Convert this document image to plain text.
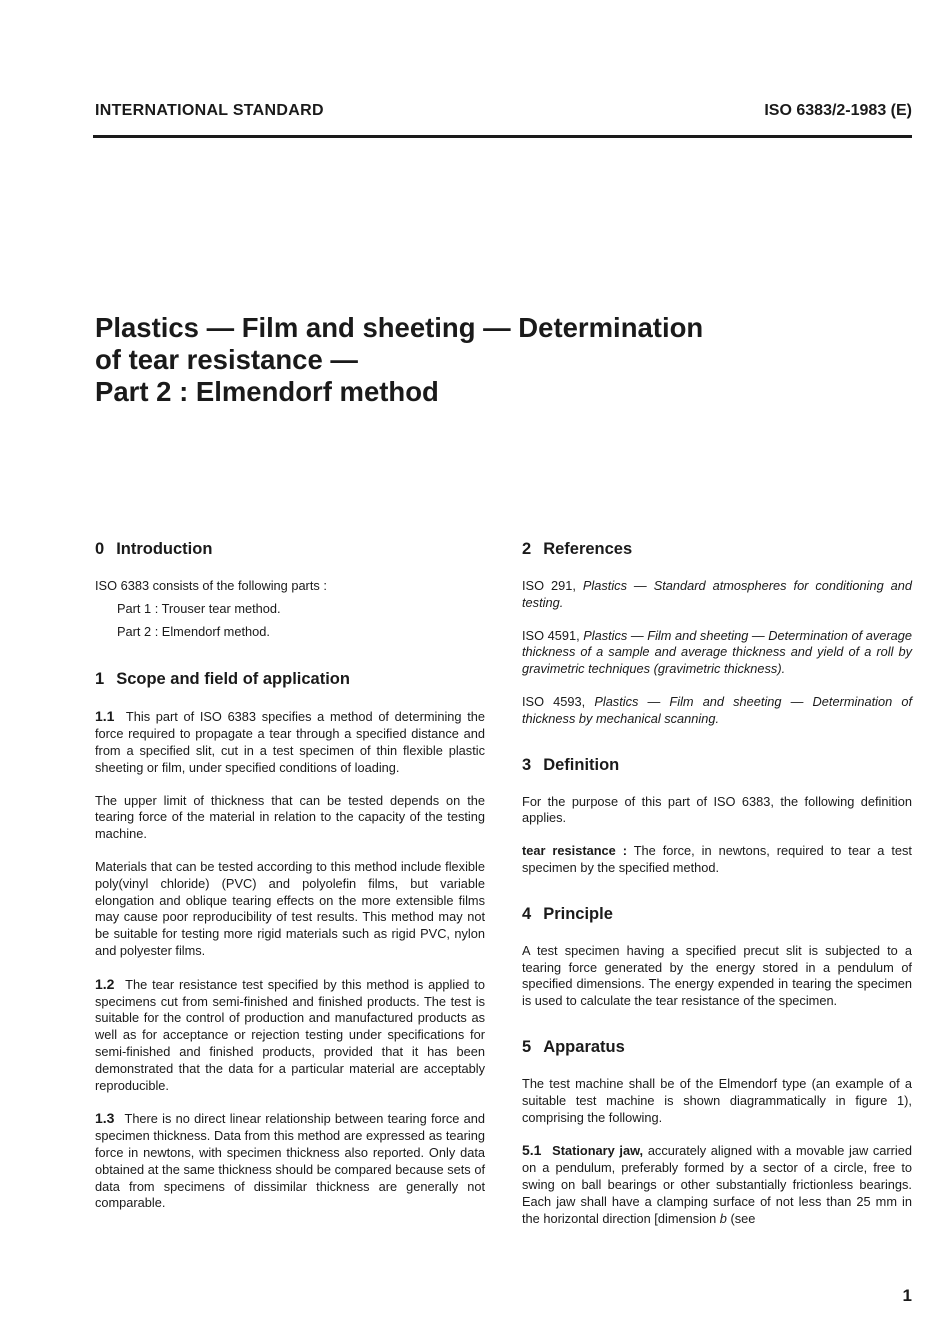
INTERNATIONAL STANDARD	ISO 6383/2-1983 (E)
Plastics — Film and sheeting — Determination
of tear resistance —
Part 2 : Elmendorf method
0 Introduction

ISO 6383 consists of the following parts :

Part 1 : Trouser tear method.

Part 2 : Elmendorf method.

1 Scope and field of application

1.1 This part of ISO 6383 specifies a method of determining the force required to propagate a tear through a specified distance and from a specified slit, cut in a test specimen of thin flexible plastic sheeting or film, under specified conditions of loading.

The upper limit of thickness that can be tested depends on the tearing force of the material in relation to the capacity of the testing machine.

Materials that can be tested according to this method include flexible poly(vinyl chloride) (PVC) and polyolefin films, but variable elongation and oblique tearing effects on the more extensible films may cause poor reproducibility of test results. This method may not be suitable for testing more rigid materials such as rigid PVC, nylon and polyester films.

1.2 The tear resistance test specified by this method is applied to specimens cut from semi-finished and finished products. The test is suitable for the control of production and manufactured products as well as for acceptance or rejection testing under specifications for semi-finished and finished products, provided that it has been demonstrated that the data for a particular material are acceptably reproducible.

1.3 There is no direct linear relationship between tearing force and specimen thickness. Data from this method are expressed as tearing force in newtons, with specimen thickness also reported. Only data obtained at the same thickness should be compared because sets of data from specimens of dissimilar thickness are generally not comparable.

2 References

ISO 291, Plastics — Standard atmospheres for conditioning and testing.

ISO 4591, Plastics — Film and sheeting — Determination of average thickness of a sample and average thickness and yield of a roll by gravimetric techniques (gravimetric thickness).

ISO 4593, Plastics — Film and sheeting — Determination of thickness by mechanical scanning.

3 Definition

For the purpose of this part of ISO 6383, the following definition applies.

tear resistance : The force, in newtons, required to tear a test specimen by the specified method.

4 Principle

A test specimen having a specified precut slit is subjected to a tearing force generated by the energy stored in a pendulum of specified dimensions. The energy expended in tearing the specimen is used to calculate the tear resistance of the specimen.

5 Apparatus

The test machine shall be of the Elmendorf type (an example of a suitable test machine is shown diagrammatically in figure 1), comprising the following.

5.1 Stationary jaw, accurately aligned with a movable jaw carried on a pendulum, preferably formed by a sector of a circle, free to swing on ball bearings or other substantially frictionless bearings. Each jaw shall have a clamping surface of not less than 25 mm in the horizontal direction [dimension b (see

1
